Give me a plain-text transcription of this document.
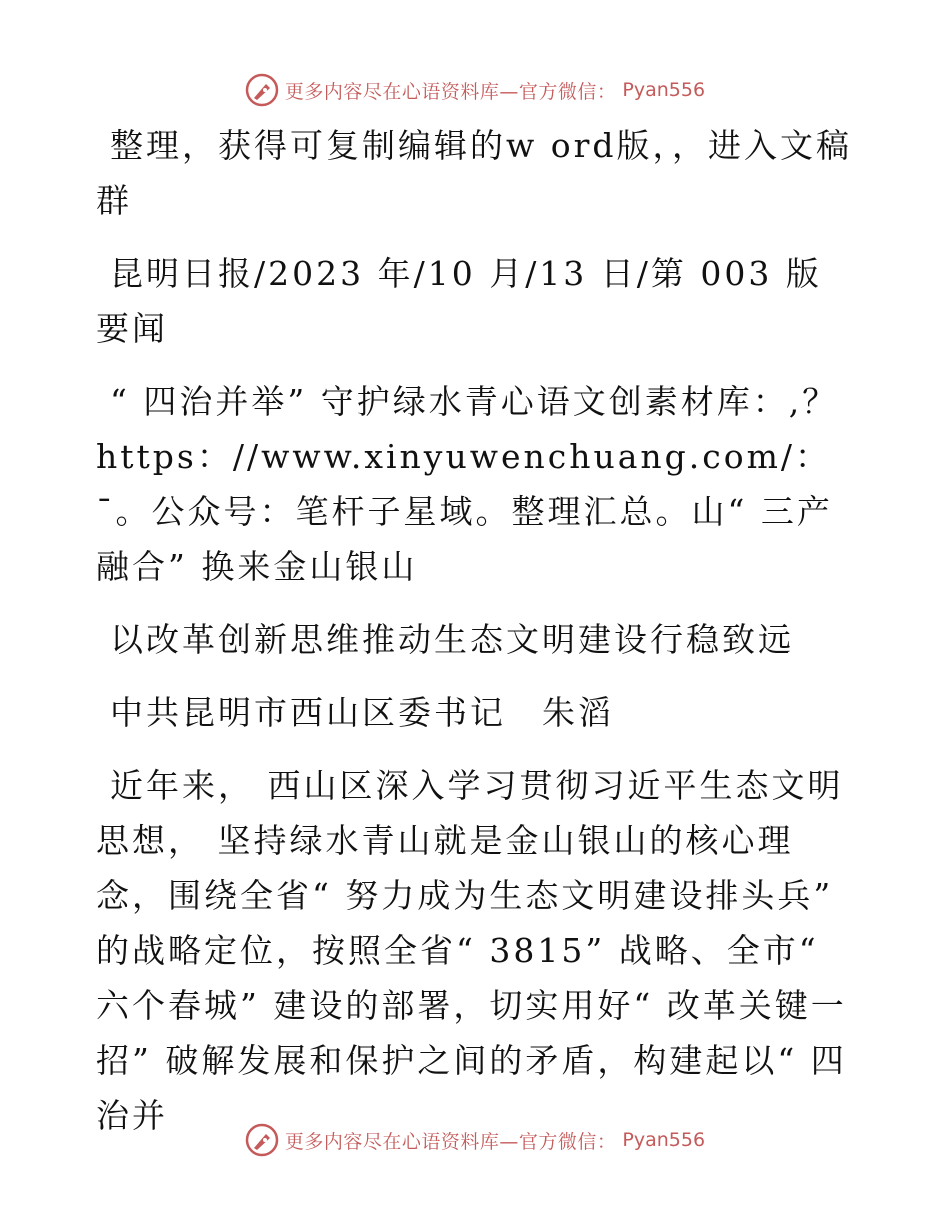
更多内容尽在心语资料库—官方微信： Pyan556

整理，获得可复制编辑的w ord版，，进入文稿群

昆明日报/2023 年/10 月/13 日/第 003 版要闻

“ 四治并举” 守护绿水青心语文创素材库：,？https：//www.xinyuwenchuang.com/：¯。公众号：笔杆子星域。整理汇总。山“ 三产融合” 换来金山银山

以改革创新思维推动生态文明建设行稳致远

中共昆明市西山区委书记　朱滔

近年来， 西山区深入学习贯彻习近平生态文明思想， 坚持绿水青山就是金山银山的核心理念，围绕全省“ 努力成为生态文明建设排头兵” 的战略定位，按照全省“ 3815” 战略、全市“ 六个春城” 建设的部署，切实用好“ 改革关键一招” 破解发展和保护之间的矛盾，构建起以“ 四治并

更多内容尽在心语资料库—官方微信： Pyan556
